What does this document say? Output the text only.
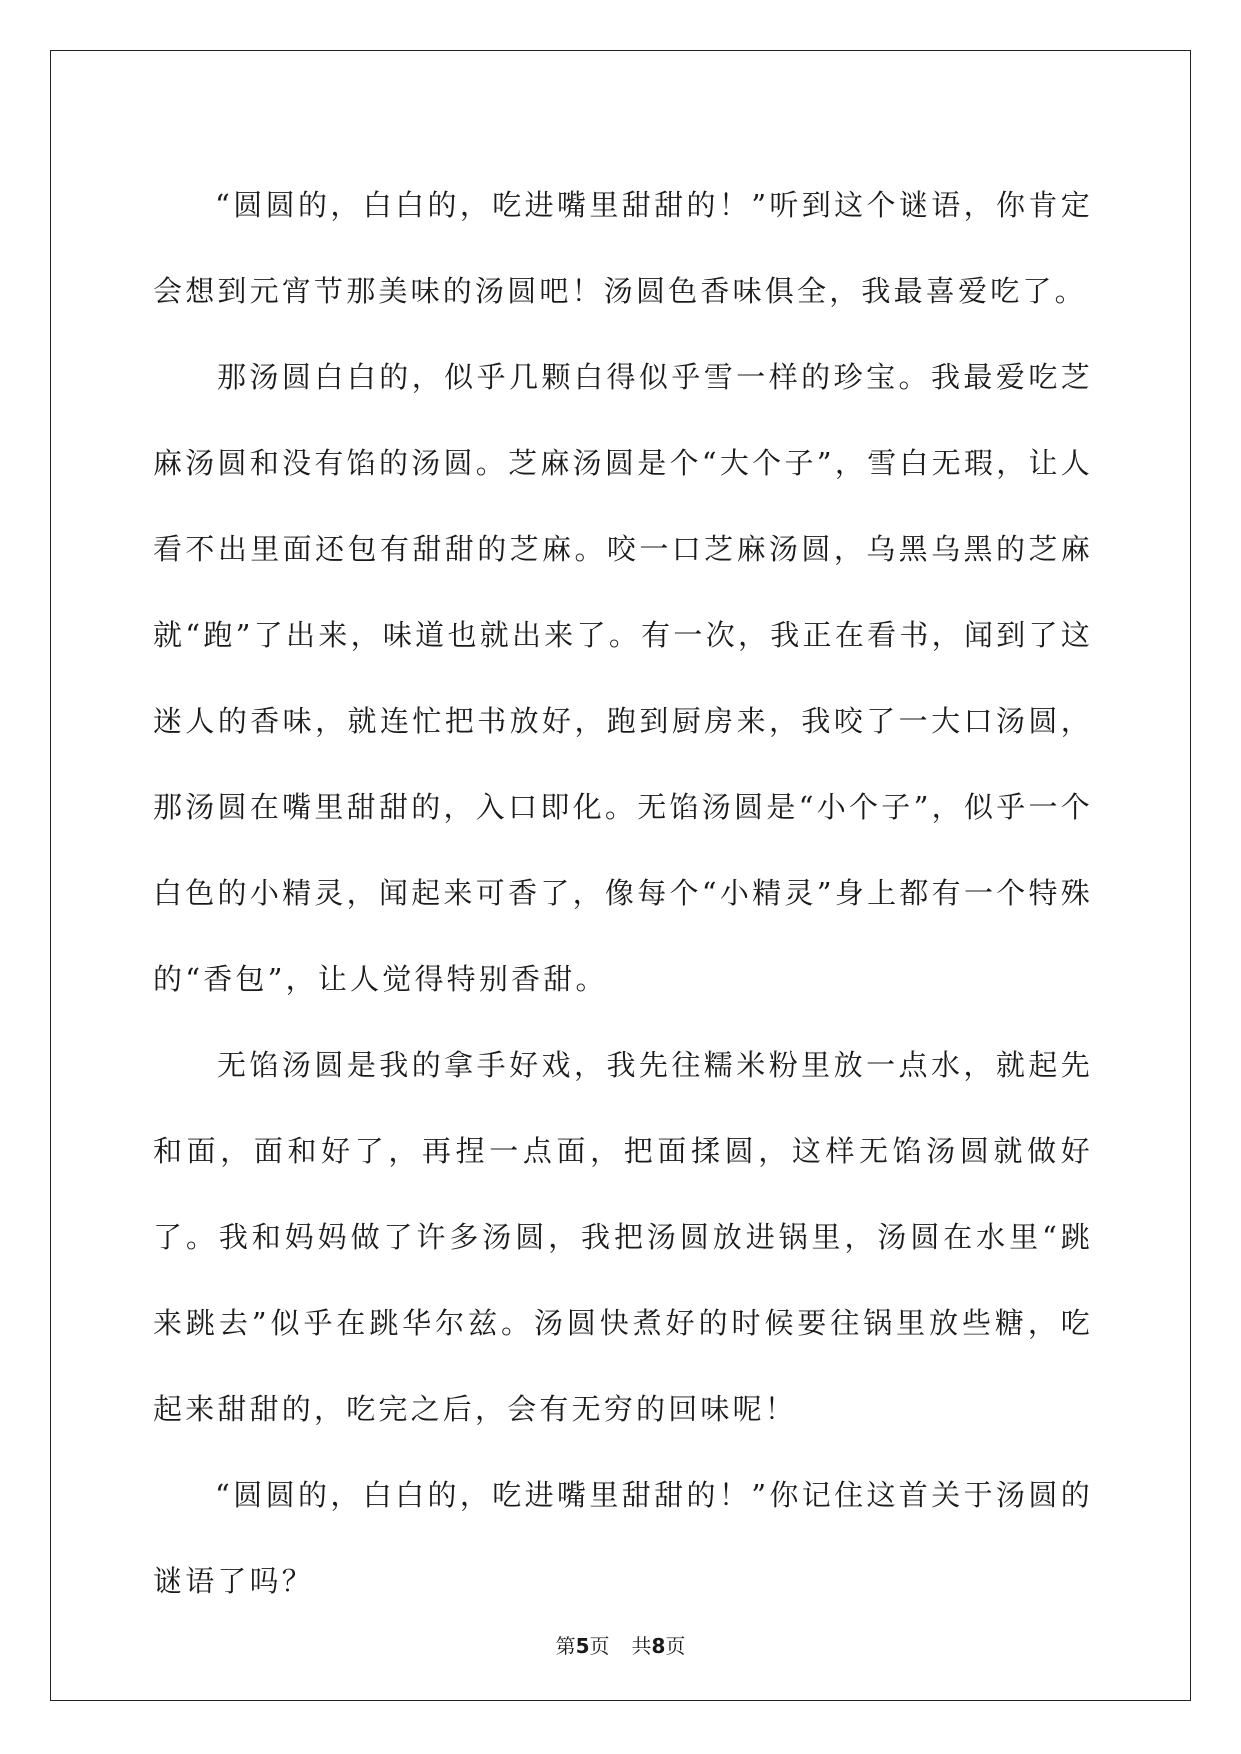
“圆圆的，白白的，吃进嘴里甜甜的！”听到这个谜语，你肯定会想到元宵节那美味的汤圆吧！汤圆色香味俱全，我最喜爱吃了。

那汤圆白白的，似乎几颗白得似乎雪一样的珍宝。我最爱吃芝麻汤圆和没有馅的汤圆。芝麻汤圆是个“大个子”，雪白无瑕，让人看不出里面还包有甜甜的芝麻。咬一口芝麻汤圆，乌黑乌黑的芝麻就“跑”了出来，味道也就出来了。有一次，我正在看书，闻到了这迷人的香味，就连忙把书放好，跑到厨房来，我咬了一大口汤圆，那汤圆在嘴里甜甜的，入口即化。无馅汤圆是“小个子”，似乎一个白色的小精灵，闻起来可香了，像每个“小精灵”身上都有一个特殊的“香包”，让人觉得特别香甜。

无馅汤圆是我的拿手好戏，我先往糯米粉里放一点水，就起先和面，面和好了，再捏一点面，把面揉圆，这样无馅汤圆就做好了。我和妈妈做了许多汤圆，我把汤圆放进锅里，汤圆在水里“跳来跳去”似乎在跳华尔兹。汤圆快煮好的时候要往锅里放些糖，吃起来甜甜的，吃完之后，会有无穷的回味呢！

“圆圆的，白白的，吃进嘴里甜甜的！”你记住这首关于汤圆的谜语了吗？

第5页 共8页
